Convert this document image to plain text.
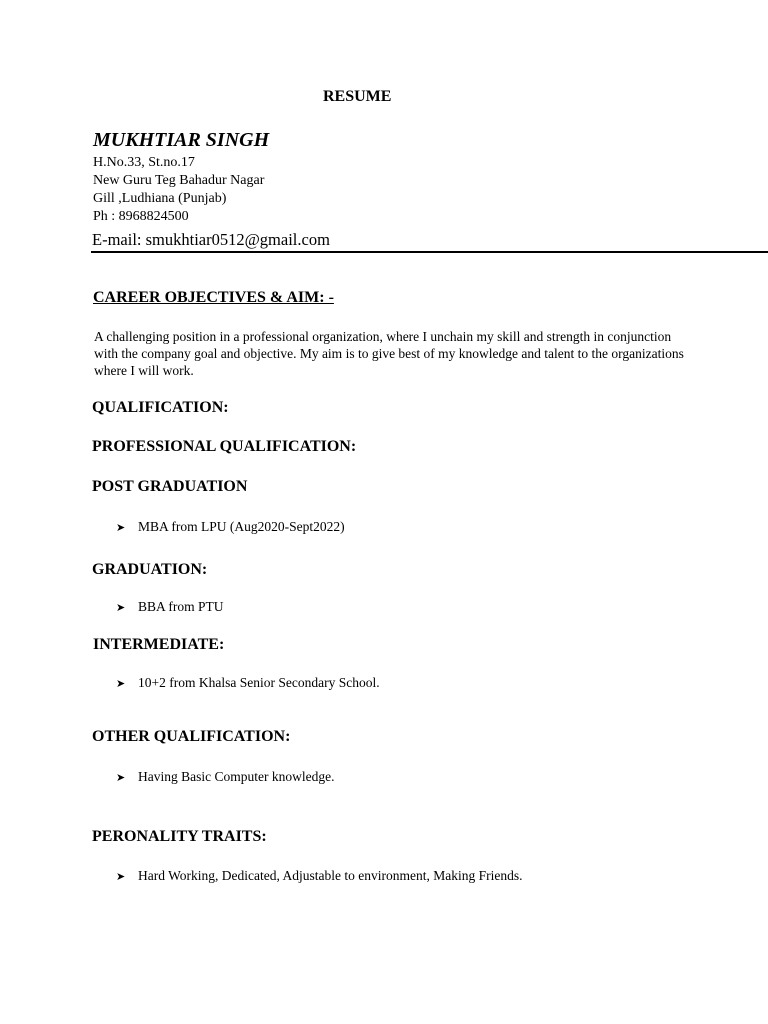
RESUME
MUKHTIAR SINGH
H.No.33, St.no.17
New Guru Teg Bahadur Nagar
Gill ,Ludhiana (Punjab)
Ph : 8968824500
E-mail: smukhtiar0512@gmail.com
CAREER OBJECTIVES & AIM: -
A challenging position in a professional organization, where I unchain my skill and strength in conjunction with the company goal and objective. My aim is to give best of my knowledge and talent to the organizations where I will work.
QUALIFICATION:
PROFESSIONAL QUALIFICATION:
POST GRADUATION
➤ MBA from LPU (Aug2020-Sept2022)
GRADUATION:
➤ BBA from PTU
INTERMEDIATE:
➤ 10+2 from Khalsa Senior Secondary School.
OTHER QUALIFICATION:
➤ Having Basic Computer knowledge.
PERONALITY TRAITS:
➤ Hard Working, Dedicated, Adjustable to environment, Making Friends.
